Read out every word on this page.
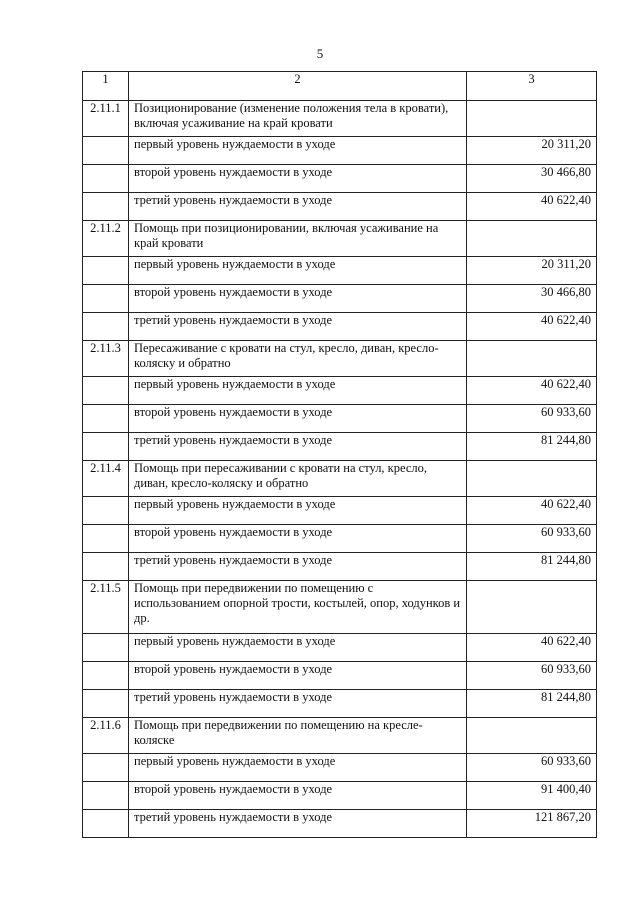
5
1	2	3
2.11.1	Позиционирование (изменение положения тела в кровати), включая усаживание на край кровати	
	первый уровень нуждаемости в уходе	20 311,20
	второй уровень нуждаемости в уходе	30 466,80
	третий уровень нуждаемости в уходе	40 622,40
2.11.2	Помощь при позиционировании, включая усаживание на край кровати	
	первый уровень нуждаемости в уходе	20 311,20
	второй уровень нуждаемости в уходе	30 466,80
	третий уровень нуждаемости в уходе	40 622,40
2.11.3	Пересаживание с кровати на стул, кресло, диван, кресло-коляску и обратно	
	первый уровень нуждаемости в уходе	40 622,40
	второй уровень нуждаемости в уходе	60 933,60
	третий уровень нуждаемости в уходе	81 244,80
2.11.4	Помощь при пересаживании с кровати на стул, кресло, диван, кресло-коляску и обратно	
	первый уровень нуждаемости в уходе	40 622,40
	второй уровень нуждаемости в уходе	60 933,60
	третий уровень нуждаемости в уходе	81 244,80
2.11.5	Помощь при передвижении по помещению с использованием опорной трости, костылей, опор, ходунков и др.	
	первый уровень нуждаемости в уходе	40 622,40
	второй уровень нуждаемости в уходе	60 933,60
	третий уровень нуждаемости в уходе	81 244,80
2.11.6	Помощь при передвижении по помещению на кресле-коляске	
	первый уровень нуждаемости в уходе	60 933,60
	второй уровень нуждаемости в уходе	91 400,40
	третий уровень нуждаемости в уходе	121 867,20
